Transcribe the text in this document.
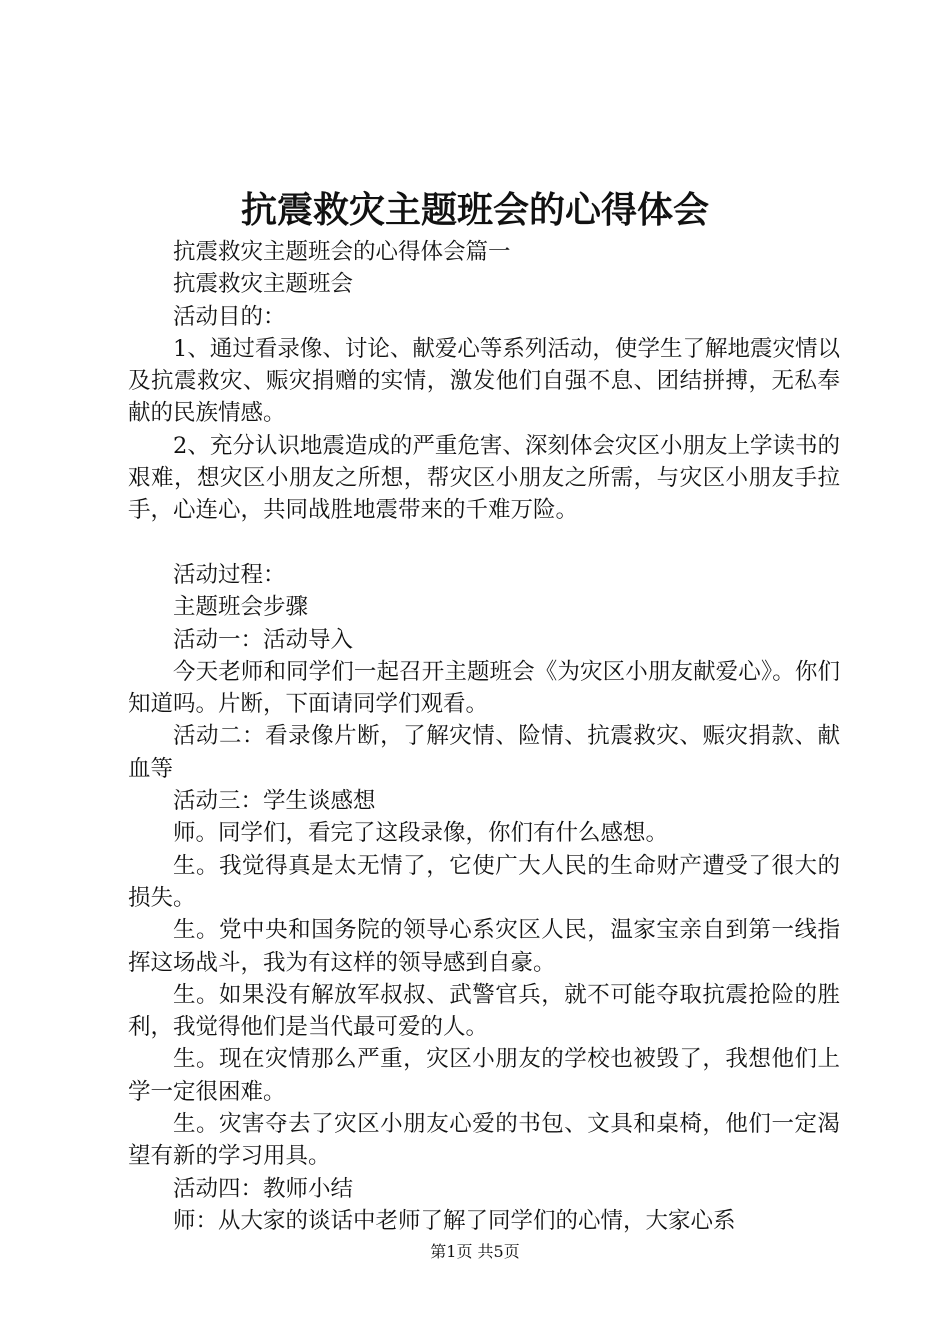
抗震救灾主题班会的心得体会

抗震救灾主题班会的心得体会篇一

抗震救灾主题班会

活动目的：

1、通过看录像、讨论、献爱心等系列活动，使学生了解地震灾情以及抗震救灾、赈灾捐赠的实情，激发他们自强不息、团结拼搏，无私奉献的民族情感。

2、充分认识地震造成的严重危害、深刻体会灾区小朋友上学读书的艰难，想灾区小朋友之所想，帮灾区小朋友之所需，与灾区小朋友手拉手，心连心，共同战胜地震带来的千难万险。

活动过程：

主题班会步骤

活动一：活动导入

今天老师和同学们一起召开主题班会《为灾区小朋友献爱心》。你们知道吗。片断，下面请同学们观看。

活动二：看录像片断，了解灾情、险情、抗震救灾、赈灾捐款、献血等

活动三：学生谈感想

师。同学们，看完了这段录像，你们有什么感想。

生。我觉得真是太无情了，它使广大人民的生命财产遭受了很大的损失。

生。党中央和国务院的领导心系灾区人民，温家宝亲自到第一线指挥这场战斗，我为有这样的领导感到自豪。

生。如果没有解放军叔叔、武警官兵，就不可能夺取抗震抢险的胜利，我觉得他们是当代最可爱的人。

生。现在灾情那么严重，灾区小朋友的学校也被毁了，我想他们上学一定很困难。

生。灾害夺去了灾区小朋友心爱的书包、文具和桌椅，他们一定渴望有新的学习用具。

活动四：教师小结

师：从大家的谈话中老师了解了同学们的心情，大家心系

第1页 共5页
